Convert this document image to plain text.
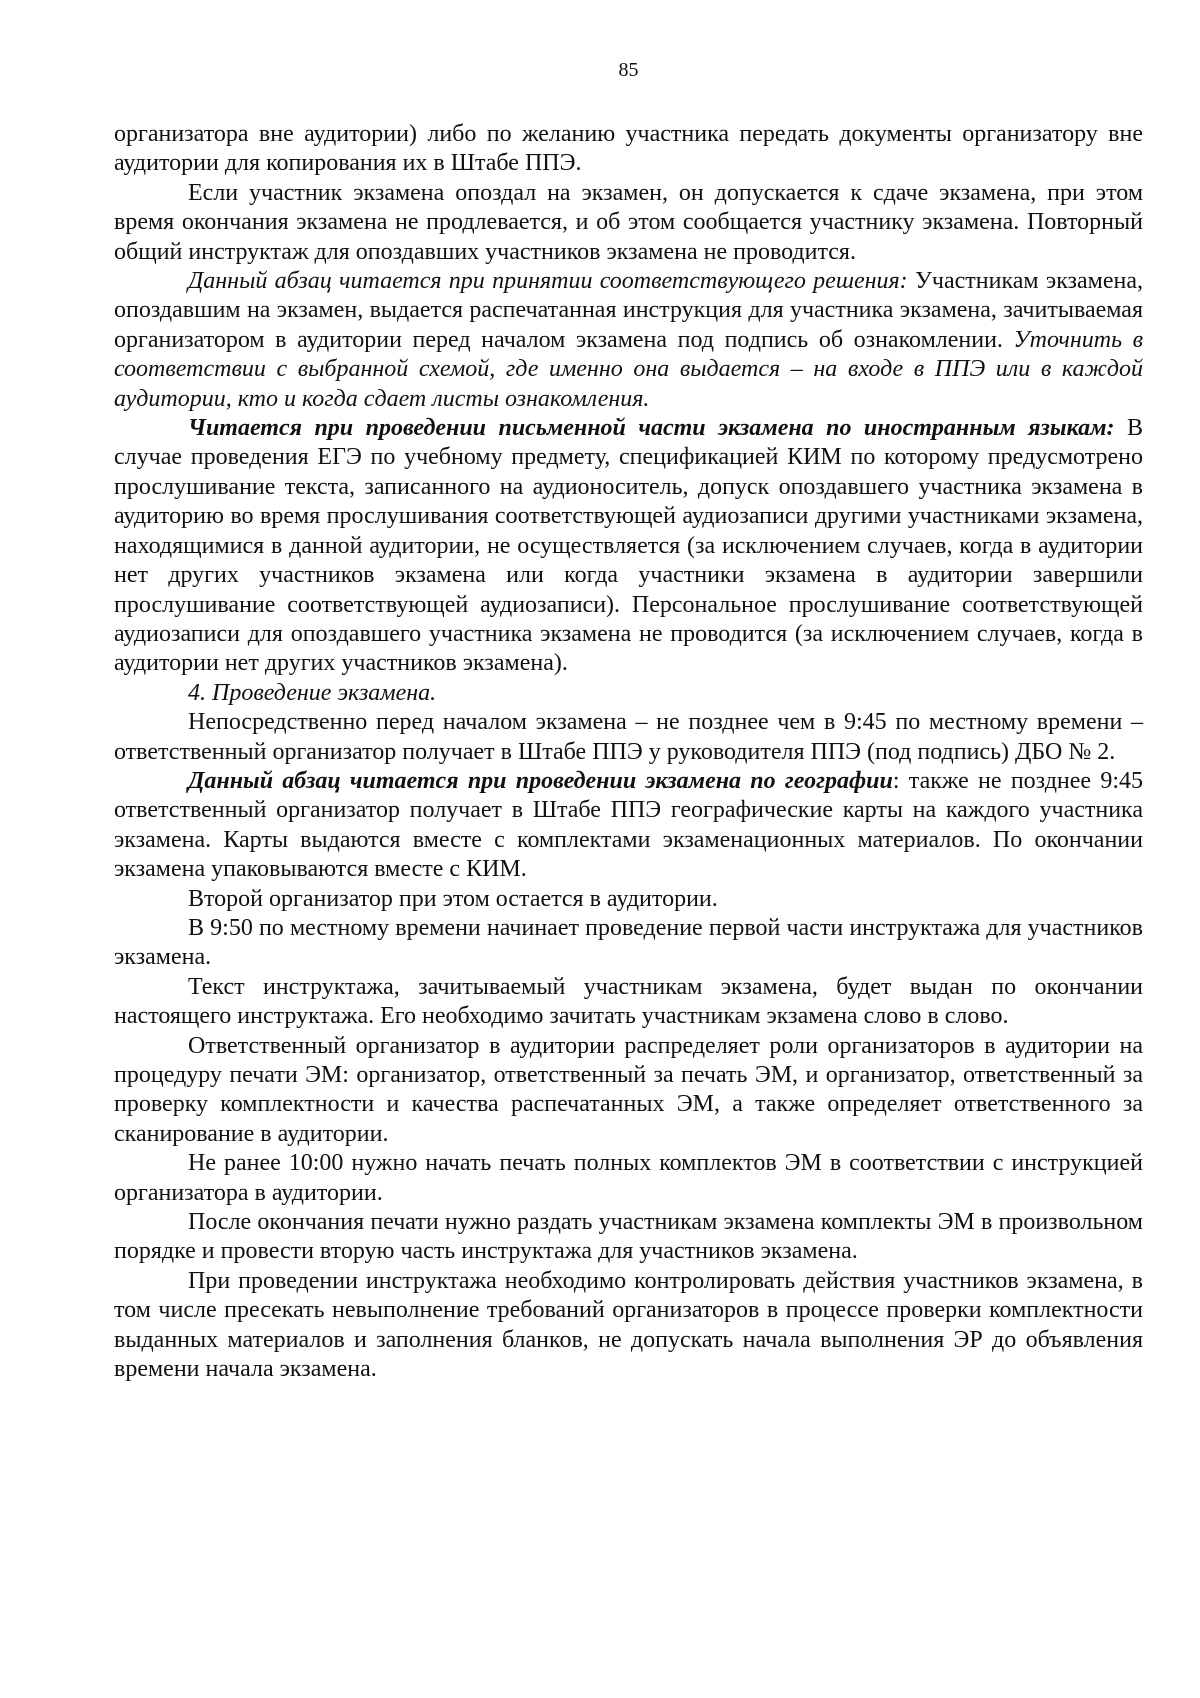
85

организатора вне аудитории) либо по желанию участника передать документы организатору вне аудитории для копирования их в Штабе ППЭ.

Если участник экзамена опоздал на экзамен, он допускается к сдаче экзамена, при этом время окончания экзамена не продлевается, и об этом сообщается участнику экзамена. Повторный общий инструктаж для опоздавших участников экзамена не проводится.

Данный абзац читается при принятии соответствующего решения: Участникам экзамена, опоздавшим на экзамен, выдается распечатанная инструкция для участника экзамена, зачитываемая организатором в аудитории перед началом экзамена под подпись об ознакомлении. Уточнить в соответствии с выбранной схемой, где именно она выдается – на входе в ППЭ или в каждой аудитории, кто и когда сдает листы ознакомления.

Читается при проведении письменной части экзамена по иностранным языкам: В случае проведения ЕГЭ по учебному предмету, спецификацией КИМ по которому предусмотрено прослушивание текста, записанного на аудионоситель, допуск опоздавшего участника экзамена в аудиторию во время прослушивания соответствующей аудиозаписи другими участниками экзамена, находящимися в данной аудитории, не осуществляется (за исключением случаев, когда в аудитории нет других участников экзамена или когда участники экзамена в аудитории завершили прослушивание соответствующей аудиозаписи). Персональное прослушивание соответствующей аудиозаписи для опоздавшего участника экзамена не проводится (за исключением случаев, когда в аудитории нет других участников экзамена).

4. Проведение экзамена.

Непосредственно перед началом экзамена – не позднее чем в 9:45 по местному времени – ответственный организатор получает в Штабе ППЭ у руководителя ППЭ (под подпись) ДБО № 2.

Данный абзац читается при проведении экзамена по географии: также не позднее 9:45 ответственный организатор получает в Штабе ППЭ географические карты на каждого участника экзамена. Карты выдаются вместе с комплектами экзаменационных материалов. По окончании экзамена упаковываются вместе с КИМ.

Второй организатор при этом остается в аудитории.

В 9:50 по местному времени начинает проведение первой части инструктажа для участников экзамена.

Текст инструктажа, зачитываемый участникам экзамена, будет выдан по окончании настоящего инструктажа. Его необходимо зачитать участникам экзамена слово в слово.

Ответственный организатор в аудитории распределяет роли организаторов в аудитории на процедуру печати ЭМ: организатор, ответственный за печать ЭМ, и организатор, ответственный за проверку комплектности и качества распечатанных ЭМ, а также определяет ответственного за сканирование в аудитории.

Не ранее 10:00 нужно начать печать полных комплектов ЭМ в соответствии с инструкцией организатора в аудитории.

После окончания печати нужно раздать участникам экзамена комплекты ЭМ в произвольном порядке и провести вторую часть инструктажа для участников экзамена.

При проведении инструктажа необходимо контролировать действия участников экзамена, в том числе пресекать невыполнение требований организаторов в процессе проверки комплектности выданных материалов и заполнения бланков, не допускать начала выполнения ЭР до объявления времени начала экзамена.
